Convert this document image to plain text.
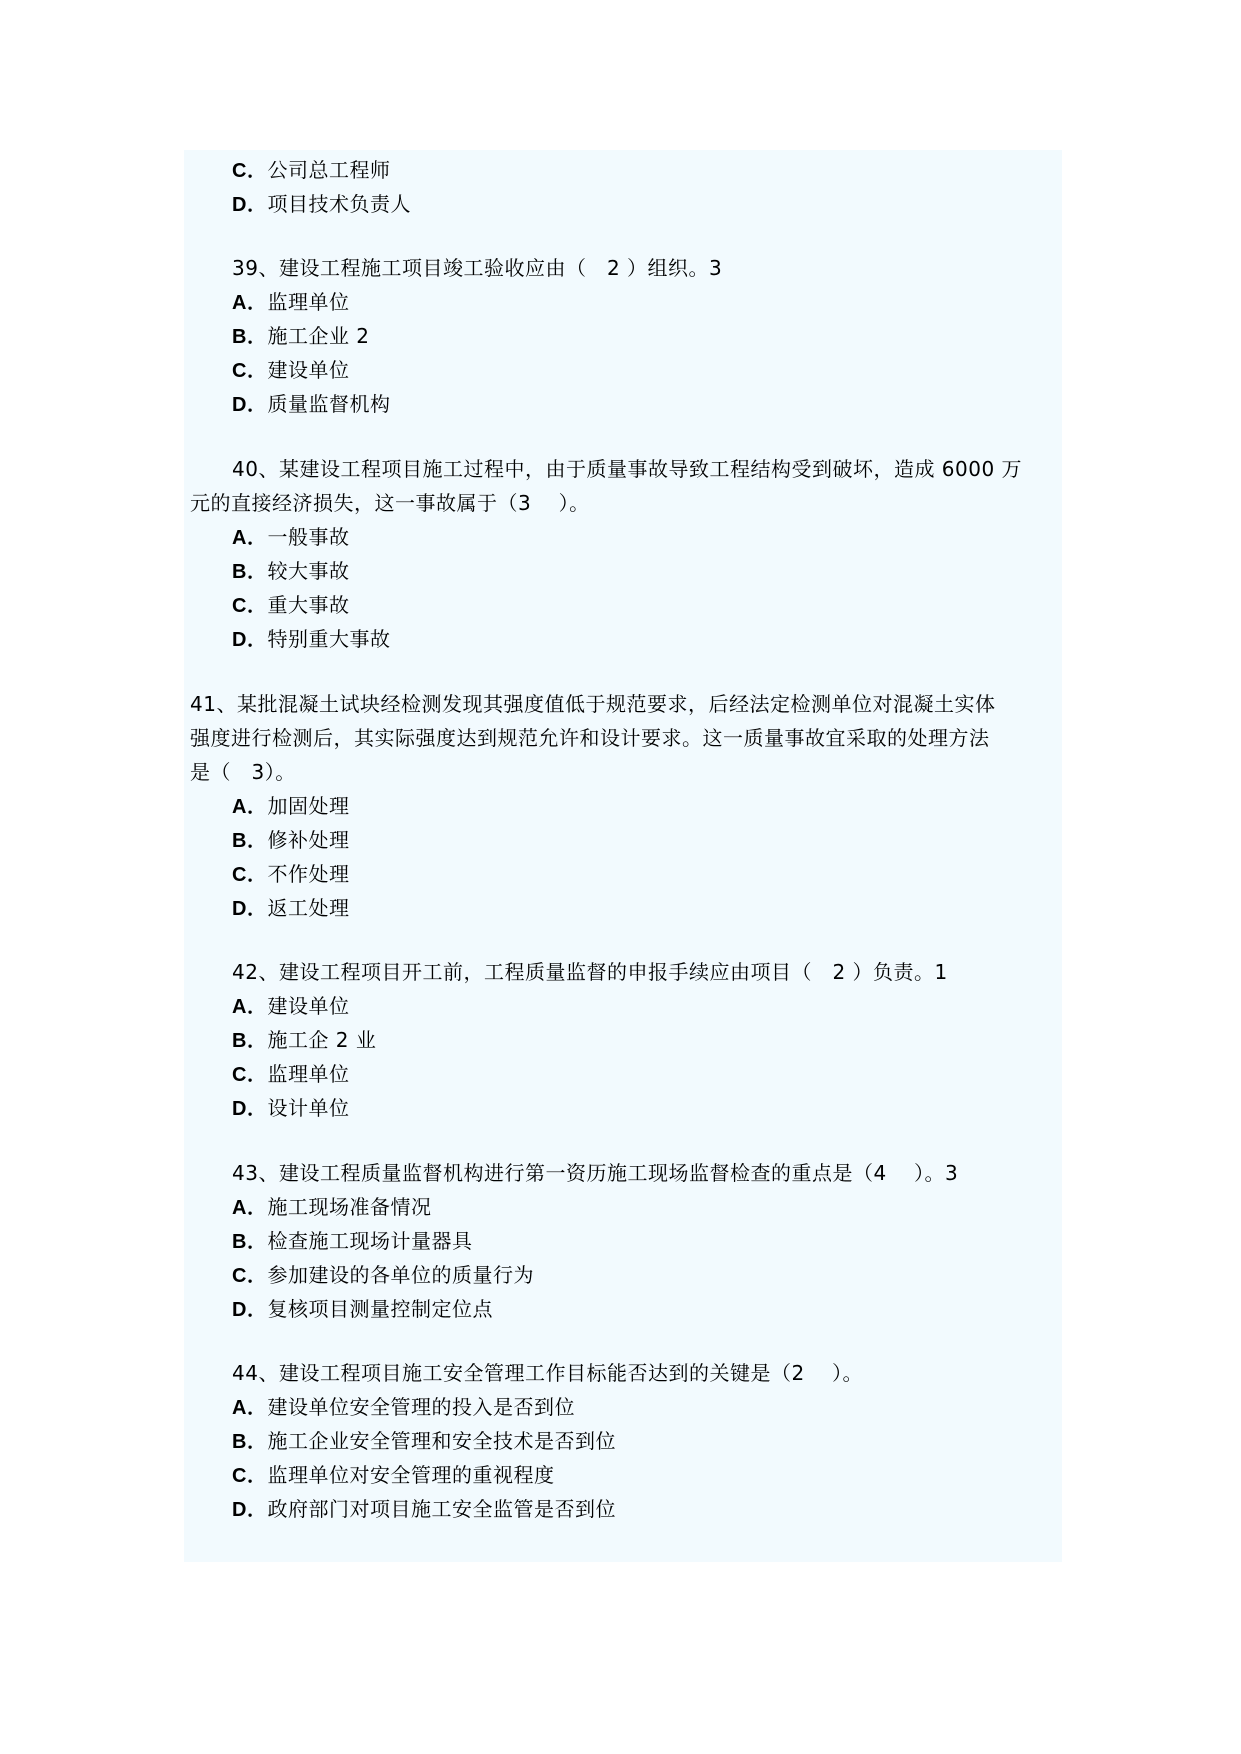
C．公司总工程师
D．项目技术负责人
39、建设工程施工项目竣工验收应由（　2 ）组织。3
A．监理单位
B．施工企业 2
C．建设单位
D．质量监督机构
40、某建设工程项目施工过程中，由于质量事故导致工程结构受到破坏，造成 6000 万
元的直接经济损失，这一事故属于（3　 ）。
A．一般事故
B．较大事故
C．重大事故
D．特别重大事故
41、某批混凝土试块经检测发现其强度值低于规范要求，后经法定检测单位对混凝土实体
强度进行检测后，其实际强度达到规范允许和设计要求。这一质量事故宜采取的处理方法
是（　3）。
A．加固处理
B．修补处理
C．不作处理
D．返工处理
42、建设工程项目开工前，工程质量监督的申报手续应由项目（　2 ）负责。1
A．建设单位
B．施工企 2 业
C．监理单位
D．设计单位
43、建设工程质量监督机构进行第一资历施工现场监督检查的重点是（4　 ）。3
A．施工现场准备情况
B．检查施工现场计量器具
C．参加建设的各单位的质量行为
D．复核项目测量控制定位点
44、建设工程项目施工安全管理工作目标能否达到的关键是（2　 ）。
A．建设单位安全管理的投入是否到位
B．施工企业安全管理和安全技术是否到位
C．监理单位对安全管理的重视程度
D．政府部门对项目施工安全监管是否到位
